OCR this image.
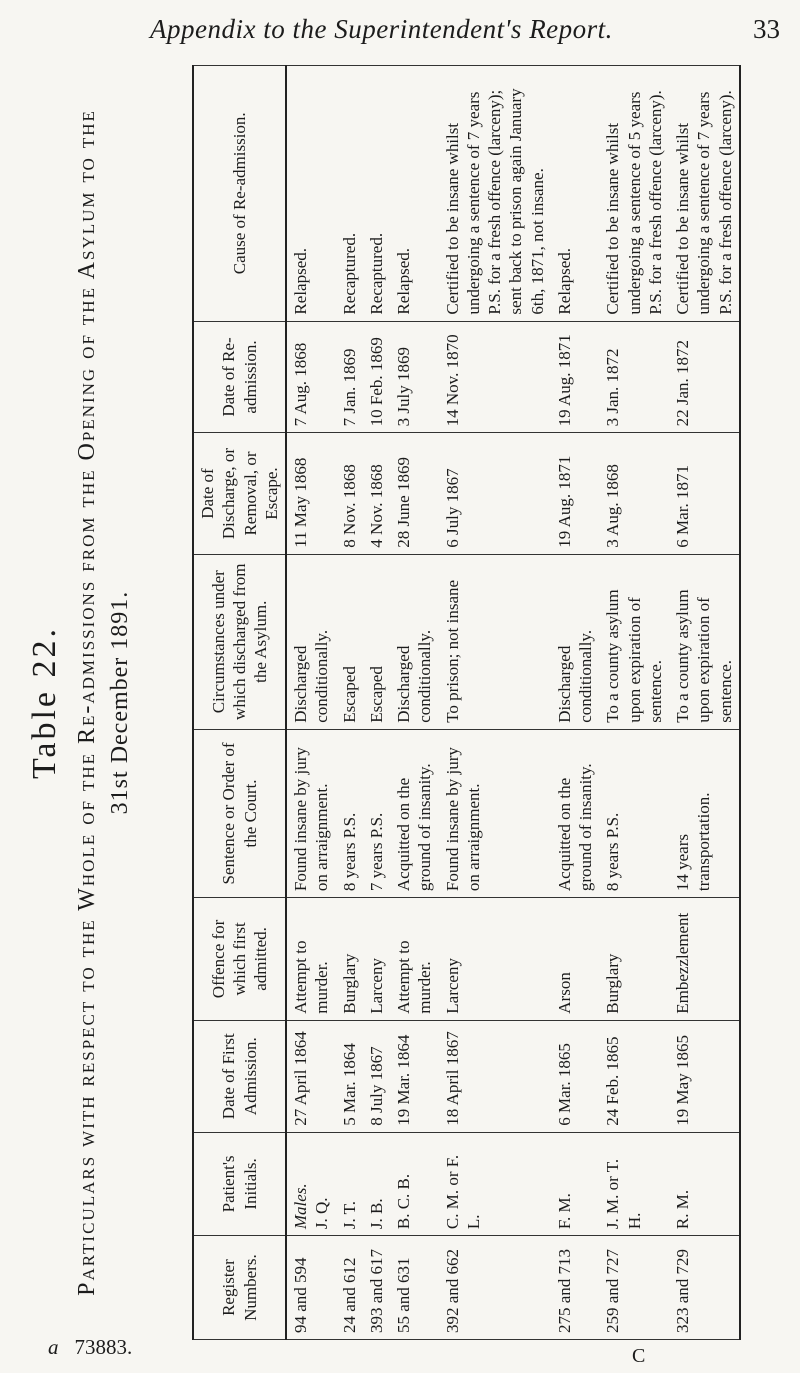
Appendix to the Superintendent's Report.	33
Table 22. Particulars with respect to the Whole of the Re-admissions from the Opening of the Asylum to the 31st December 1891.
Register Numbers.	Patient's Initials.	Date of First Admission.	Offence for which first admitted.	Sentence or Order of the Court.	Circumstances under which discharged from the Asylum.	Date of Discharge, or Removal, or Escape.	Date of Re-admission.	Cause of Re-admission.
94 and 594	Males. J. Q.	27 April 1864	Attempt to murder.	Found insane by jury on arraignment.	Discharged conditionally.	11 May 1868	7 Aug. 1868	Relapsed.
24 and 612	J. T.	5 Mar. 1864	Burglary	8 years P.S.	Escaped	8 Nov. 1868	7 Jan. 1869	Recaptured.
393 and 617	J. B.	8 July 1867	Larceny	7 years P.S.	Escaped	4 Nov. 1868	10 Feb. 1869	Recaptured.
55 and 631	B. C. B.	19 Mar. 1864	Attempt to murder.	Acquitted on the ground of insanity.	Discharged conditionally.	28 June 1869	3 July 1869	Relapsed.
392 and 662	C. M. or F. L.	18 April 1867	Larceny	Found insane by jury on arraignment.	To prison; not insane	6 July 1867	14 Nov. 1870	Certified to be insane whilst undergoing a sentence of 7 years P.S. for a fresh offence (larceny); sent back to prison again January 6th, 1871, not insane.
275 and 713	F. M.	6 Mar. 1865	Arson	Acquitted on the ground of insanity.	Discharged conditionally.	19 Aug. 1871	19 Aug. 1871	Relapsed.
259 and 727	J. M. or T. H.	24 Feb. 1865	Burglary	8 years P.S.	To a county asylum upon expiration of sentence.	3 Aug. 1868	3 Jan. 1872	Certified to be insane whilst undergoing a sentence of 5 years P.S. for a fresh offence (larceny).
323 and 729	R. M.	19 May 1865	Embezzlement	14 years transportation.	To a county asylum upon expiration of sentence.	6 Mar. 1871	22 Jan. 1872	Certified to be insane whilst undergoing a sentence of 7 years P.S. for a fresh offence (larceny).
a 73883.	C
